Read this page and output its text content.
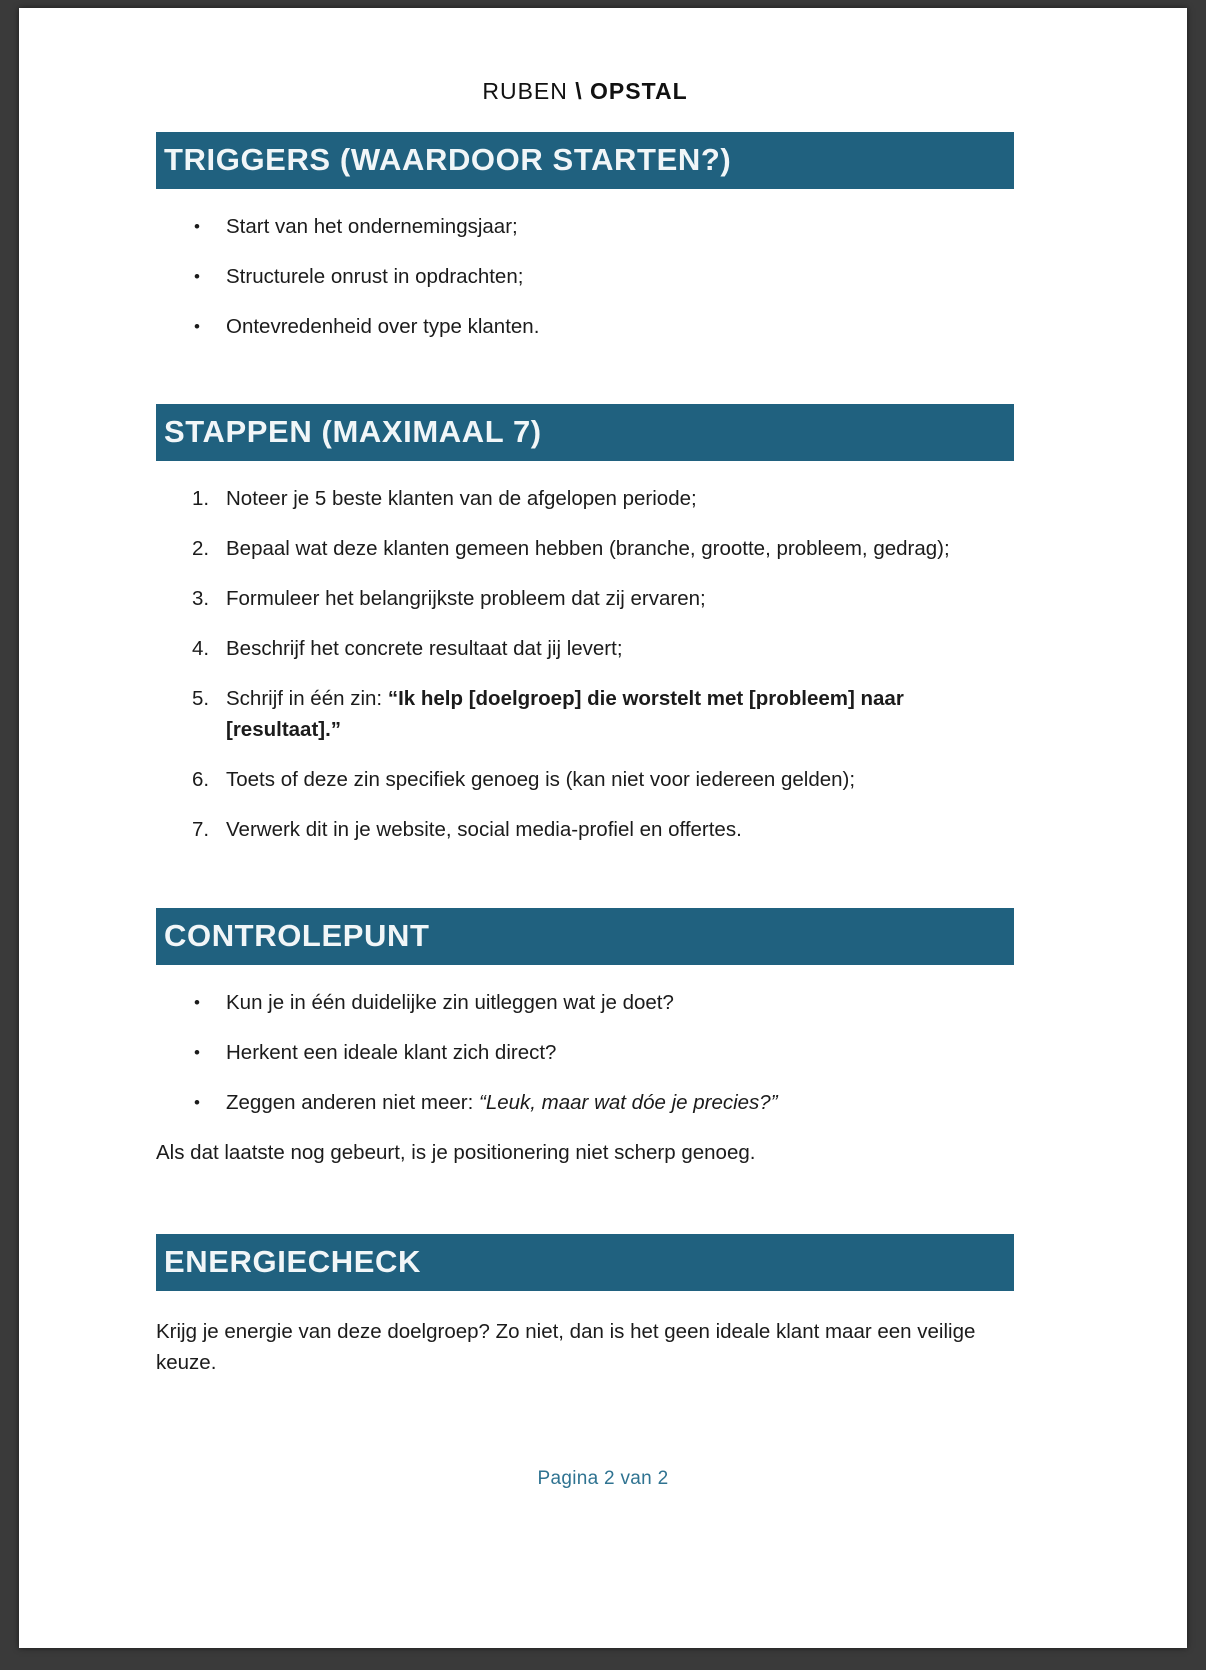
RUBEN \ OPSTAL
TRIGGERS (WAARDOOR STARTEN?)
•	Start van het ondernemingsjaar;
•	Structurele onrust in opdrachten;
•	Ontevredenheid over type klanten.
STAPPEN (MAXIMAAL 7)
1. Noteer je 5 beste klanten van de afgelopen periode;
2. Bepaal wat deze klanten gemeen hebben (branche, grootte, probleem, gedrag);
3. Formuleer het belangrijkste probleem dat zij ervaren;
4. Beschrijf het concrete resultaat dat jij levert;
5. Schrijf in één zin: “Ik help [doelgroep] die worstelt met [probleem] naar [resultaat].”
6. Toets of deze zin specifiek genoeg is (kan niet voor iedereen gelden);
7. Verwerk dit in je website, social media-profiel en offertes.
CONTROLEPUNT
•	Kun je in één duidelijke zin uitleggen wat je doet?
•	Herkent een ideale klant zich direct?
•	Zeggen anderen niet meer: “Leuk, maar wat dóe je precies?”

Als dat laatste nog gebeurt, is je positionering niet scherp genoeg.

ENERGIECHECK

Krijg je energie van deze doelgroep? Zo niet, dan is het geen ideale klant maar een veilige keuze.

Pagina 2 van 2
